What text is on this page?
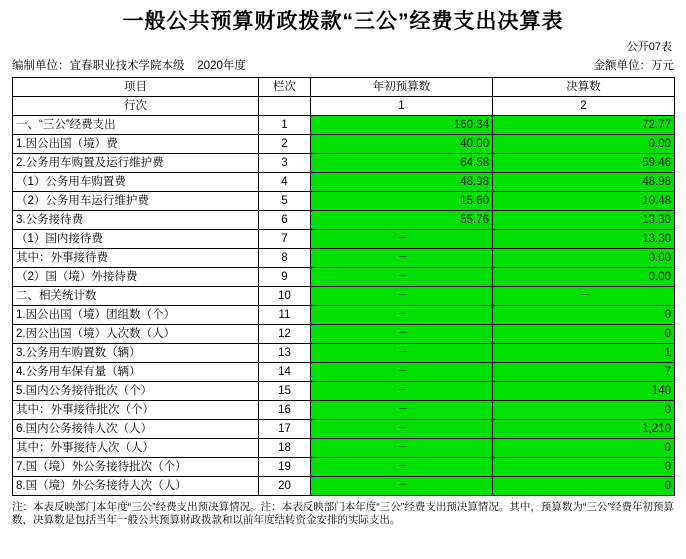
一般公共预算财政拨款“三公”经费支出决算表
公开07表
编制单位：宜春职业技术学院本级    2020年度	金额单位：万元
项目	栏次	年初预算数	决算数
行次		1	2
一、“三公”经费支出	1	160.34	72.77
1.因公出国（境）费	2	40.00	0.00
2.公务用车购置及运行维护费	3	64.58	59.46
（1）公务用车购置费	4	48.98	48.98
（2）公务用车运行维护费	5	15.60	10.48
3.公务接待费	6	55.76	13.30
（1）国内接待费	7	－	13.30
其中：外事接待费	8	－	0.00
（2）国（境）外接待费	9	－	0.00
二、相关统计数	10	－	－
1.因公出国（境）团组数（个）	11	－	0
2.因公出国（境）人次数（人）	12	－	0
3.公务用车购置数（辆）	13	－	1
4.公务用车保有量（辆）	14	－	7
5.国内公务接待批次（个）	15	－	140
其中：外事接待批次（个）	16	－	0
6.国内公务接待人次（人）	17	－	1,210
其中：外事接待人次（人）	18	－	0
7.国（境）外公务接待批次（个）	19	－	0
8.国（境）外公务接待人次（人）	20	－	0
注：本表反映部门本年度“三公”经费支出预决算情况。注：本表反映部门本年度“三公”经费支出预决算情况。其中，预算数为“三公”经费年初预算数，决算数是包括当年一般公共预算财政拨款和以前年度结转资金安排的实际支出。
